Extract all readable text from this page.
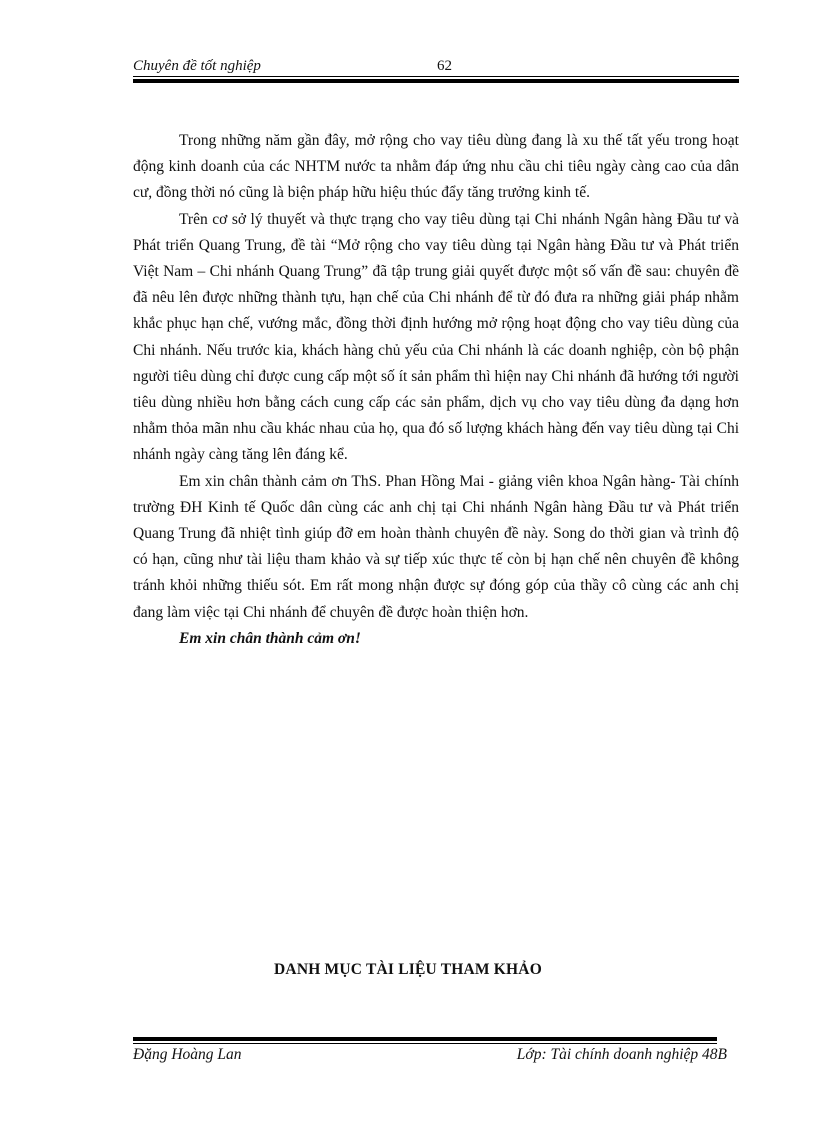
Chuyên đề tốt nghiệp	62

Trong những năm gần đây, mở rộng cho vay tiêu dùng đang là xu thế tất yếu trong hoạt động kinh doanh của các NHTM nước ta nhằm đáp ứng nhu cầu chi tiêu ngày càng cao của dân cư, đồng thời nó cũng là biện pháp hữu hiệu thúc đẩy tăng trưởng kinh tế.

Trên cơ sở lý thuyết và thực trạng cho vay tiêu dùng tại Chi nhánh Ngân hàng Đầu tư và Phát triển Quang Trung, đề tài “Mở rộng cho vay tiêu dùng tại Ngân hàng Đầu tư và Phát triển Việt Nam – Chi nhánh Quang Trung” đã tập trung giải quyết được một số vấn đề sau: chuyên đề đã nêu lên được những thành tựu, hạn chế của Chi nhánh để từ đó đưa ra những giải pháp nhằm khắc phục hạn chế, vướng mắc, đồng thời định hướng mở rộng hoạt động cho vay tiêu dùng của Chi nhánh. Nếu trước kia, khách hàng chủ yếu của Chi nhánh là các doanh nghiệp, còn bộ phận người tiêu dùng chỉ được cung cấp một số ít sản phẩm thì hiện nay Chi nhánh đã hướng tới người tiêu dùng nhiều hơn bằng cách cung cấp các sản phẩm, dịch vụ cho vay tiêu dùng đa dạng hơn nhằm thỏa mãn nhu cầu khác nhau của họ, qua đó số lượng khách hàng đến vay tiêu dùng tại Chi nhánh ngày càng tăng lên đáng kể.

Em xin chân thành cảm ơn ThS. Phan Hồng Mai - giảng viên khoa Ngân hàng- Tài chính trường ĐH Kinh tế Quốc dân cùng các anh chị tại Chi nhánh Ngân hàng Đầu tư và Phát triển Quang Trung đã nhiệt tình giúp đỡ em hoàn thành chuyên đề này. Song do thời gian và trình độ có hạn, cũng như tài liệu tham khảo và sự tiếp xúc thực tế còn bị hạn chế nên chuyên đề không tránh khỏi những thiếu sót. Em rất mong nhận được sự đóng góp của thầy cô cùng các anh chị đang làm việc tại Chi nhánh để chuyên đề được hoàn thiện hơn.

Em xin chân thành cảm ơn!

DANH MỤC TÀI LIỆU THAM KHẢO
Đặng Hoàng Lan	Lớp: Tài chính doanh nghiệp 48B
